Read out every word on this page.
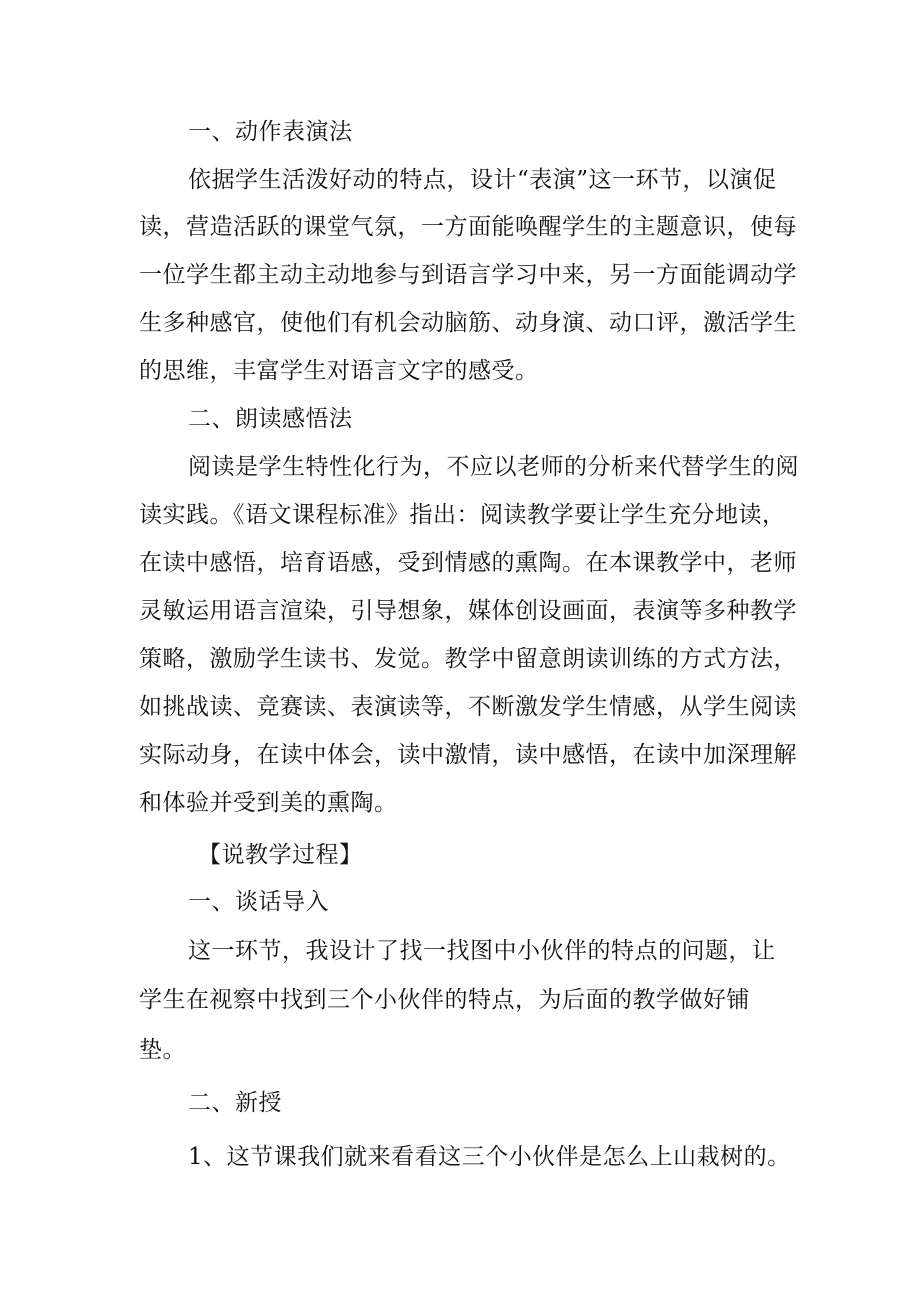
一、动作表演法
依据学生活泼好动的特点，设计“表演”这一环节，以演促
读，营造活跃的课堂气氛，一方面能唤醒学生的主题意识，使每
一位学生都主动主动地参与到语言学习中来，另一方面能调动学
生多种感官，使他们有机会动脑筋、动身演、动口评，激活学生
的思维，丰富学生对语言文字的感受。
二、朗读感悟法
阅读是学生特性化行为，不应以老师的分析来代替学生的阅
读实践。《语文课程标准》指出：阅读教学要让学生充分地读，
在读中感悟，培育语感，受到情感的熏陶。在本课教学中，老师
灵敏运用语言渲染，引导想象，媒体创设画面，表演等多种教学
策略，激励学生读书、发觉。教学中留意朗读训练的方式方法，
如挑战读、竞赛读、表演读等，不断激发学生情感，从学生阅读
实际动身，在读中体会，读中激情，读中感悟，在读中加深理解
和体验并受到美的熏陶。
【说教学过程】
一、谈话导入
这一环节，我设计了找一找图中小伙伴的特点的问题，让
学生在视察中找到三个小伙伴的特点，为后面的教学做好铺
垫。
二、新授
1、这节课我们就来看看这三个小伙伴是怎么上山栽树的。
